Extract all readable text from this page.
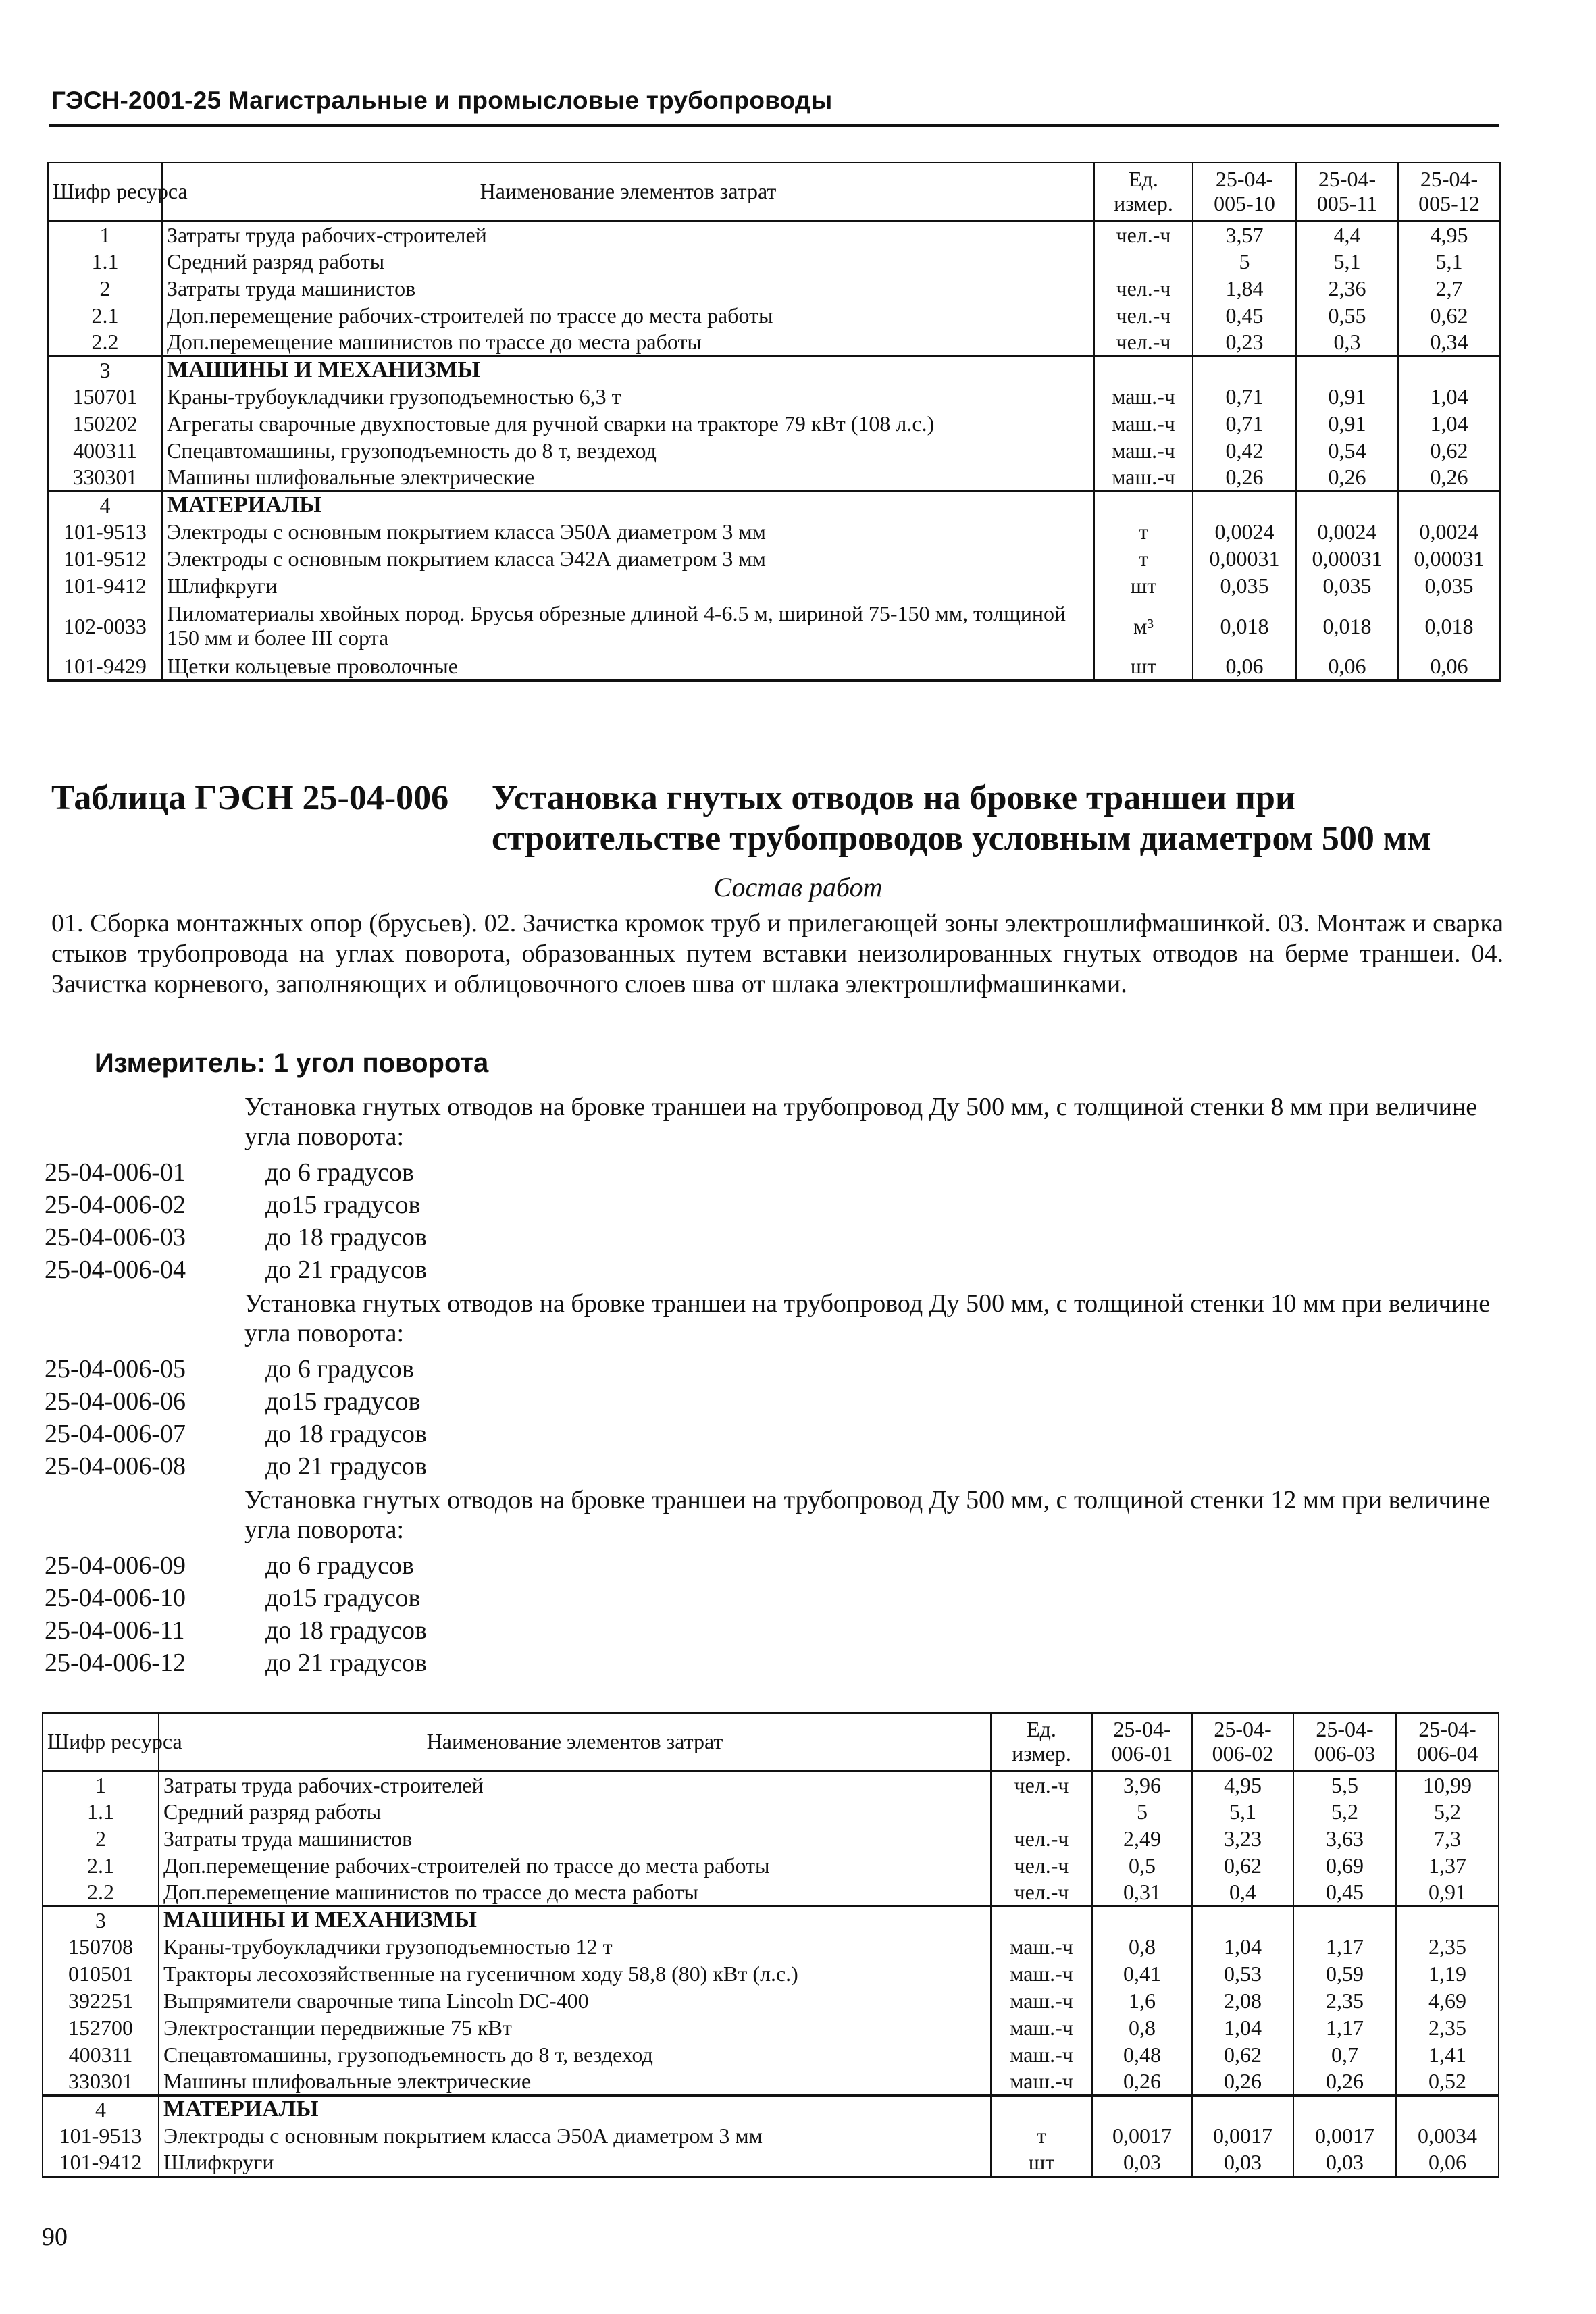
ГЭСН-2001-25 Магистральные и промысловые трубопроводы
Шифр ресурса	Наименование элементов затрат	Ед. измер.	25-04-005-10	25-04-005-11	25-04-005-12
1	Затраты труда рабочих-строителей	чел.-ч	3,57	4,4	4,95
1.1	Средний разряд работы		5	5,1	5,1
2	Затраты труда машинистов	чел.-ч	1,84	2,36	2,7
2.1	Доп.перемещение рабочих-строителей по трассе до места работы	чел.-ч	0,45	0,55	0,62
2.2	Доп.перемещение машинистов по трассе до места работы	чел.-ч	0,23	0,3	0,34
3	МАШИНЫ И МЕХАНИЗМЫ				
150701	Краны-трубоукладчики грузоподъемностью 6,3 т	маш.-ч	0,71	0,91	1,04
150202	Агрегаты сварочные двухпостовые для ручной сварки на тракторе 79 кВт (108 л.с.)	маш.-ч	0,71	0,91	1,04
400311	Спецавтомашины, грузоподъемность до 8 т, вездеход	маш.-ч	0,42	0,54	0,62
330301	Машины шлифовальные электрические	маш.-ч	0,26	0,26	0,26
4	МАТЕРИАЛЫ				
101-9513	Электроды с основным покрытием класса Э50А диаметром 3 мм	т	0,0024	0,0024	0,0024
101-9512	Электроды с основным покрытием класса Э42А диаметром 3 мм	т	0,00031	0,00031	0,00031
101-9412	Шлифкруги	шт	0,035	0,035	0,035
102-0033	Пиломатериалы хвойных пород. Брусья обрезные длиной 4-6.5 м, шириной 75-150 мм, толщиной 150 мм и более III сорта	м³	0,018	0,018	0,018
101-9429	Щетки кольцевые проволочные	шт	0,06	0,06	0,06
Таблица ГЭСН 25-04-006 Установка гнутых отводов на бровке траншеи при строительстве трубопроводов условным диаметром 500 мм
Состав работ
01. Сборка монтажных опор (брусьев). 02. Зачистка кромок труб и прилегающей зоны электрошлифмашинкой. 03. Монтаж и сварка стыков трубопровода на углах поворота, образованных путем вставки неизолированных гнутых отводов на берме траншеи. 04. Зачистка корневого, заполняющих и облицовочного слоев шва от шлака электрошлифмашинками.
Измеритель: 1 угол поворота
Установка гнутых отводов на бровке траншеи на трубопровод Ду 500 мм, с толщиной стенки 8 мм при величине угла поворота:
25-04-006-01	до 6 градусов
25-04-006-02	до15 градусов
25-04-006-03	до 18 градусов
25-04-006-04	до 21 градусов
Установка гнутых отводов на бровке траншеи на трубопровод Ду 500 мм, с толщиной стенки 10 мм при величине угла поворота:
25-04-006-05	до 6 градусов
25-04-006-06	до15 градусов
25-04-006-07	до 18 градусов
25-04-006-08	до 21 градусов
Установка гнутых отводов на бровке траншеи на трубопровод Ду 500 мм, с толщиной стенки 12 мм при величине угла поворота:
25-04-006-09	до 6 градусов
25-04-006-10	до15 градусов
25-04-006-11	до 18 градусов
25-04-006-12	до 21 градусов
Шифр ресурса	Наименование элементов затрат	Ед. измер.	25-04-006-01	25-04-006-02	25-04-006-03	25-04-006-04
1	Затраты труда рабочих-строителей	чел.-ч	3,96	4,95	5,5	10,99
1.1	Средний разряд работы		5	5,1	5,2	5,2
2	Затраты труда машинистов	чел.-ч	2,49	3,23	3,63	7,3
2.1	Доп.перемещение рабочих-строителей по трассе до места работы	чел.-ч	0,5	0,62	0,69	1,37
2.2	Доп.перемещение машинистов по трассе до места работы	чел.-ч	0,31	0,4	0,45	0,91
3	МАШИНЫ И МЕХАНИЗМЫ					
150708	Краны-трубоукладчики грузоподъемностью 12 т	маш.-ч	0,8	1,04	1,17	2,35
010501	Тракторы лесохозяйственные на гусеничном ходу 58,8 (80) кВт (л.с.)	маш.-ч	0,41	0,53	0,59	1,19
392251	Выпрямители сварочные типа Lincoln DC-400	маш.-ч	1,6	2,08	2,35	4,69
152700	Электростанции передвижные 75 кВт	маш.-ч	0,8	1,04	1,17	2,35
400311	Спецавтомашины, грузоподъемность до 8 т, вездеход	маш.-ч	0,48	0,62	0,7	1,41
330301	Машины шлифовальные электрические	маш.-ч	0,26	0,26	0,26	0,52
4	МАТЕРИАЛЫ					
101-9513	Электроды с основным покрытием класса Э50А диаметром 3 мм	т	0,0017	0,0017	0,0017	0,0034
101-9412	Шлифкруги	шт	0,03	0,03	0,03	0,06
90
